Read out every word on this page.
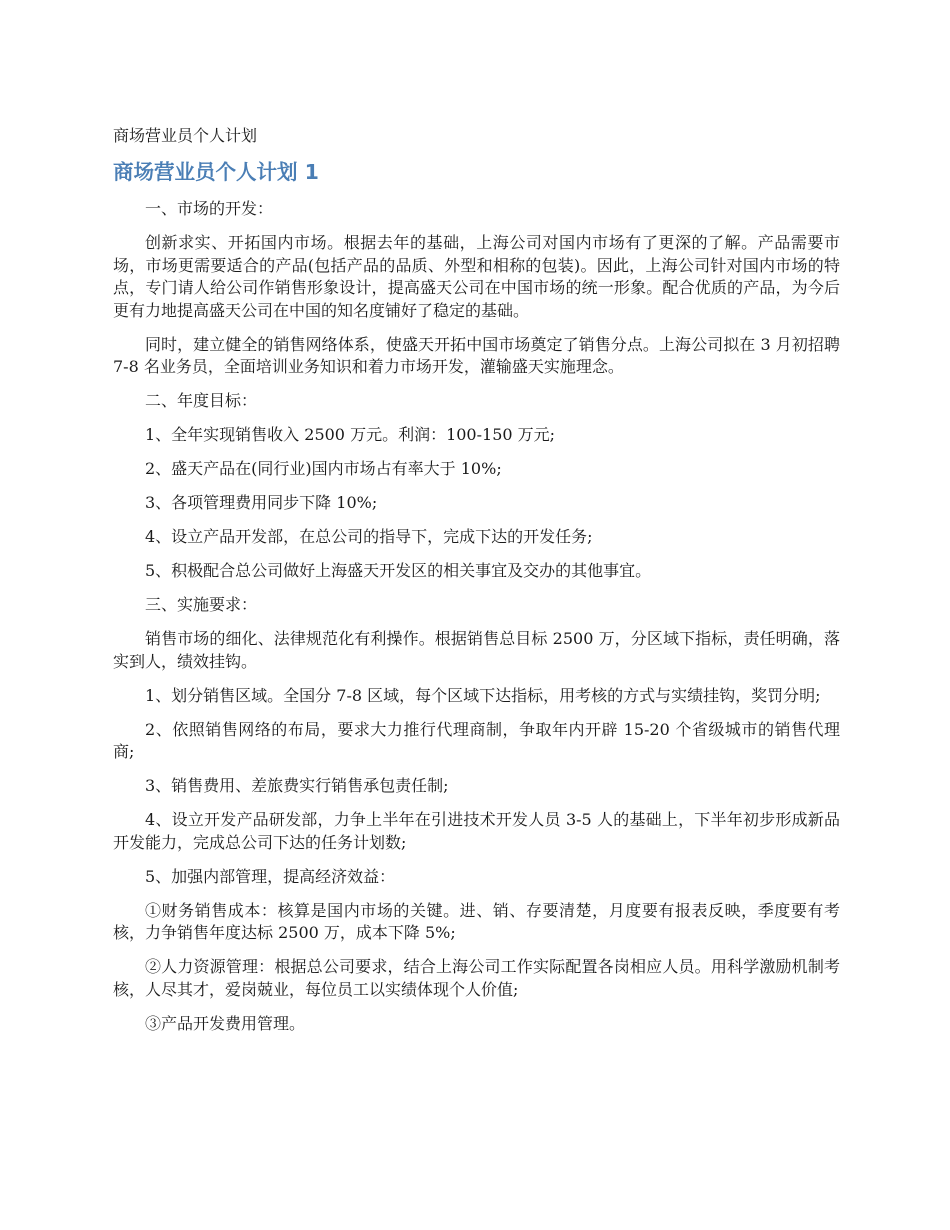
商场营业员个人计划
商场营业员个人计划 1

一、市场的开发：

创新求实、开拓国内市场。根据去年的基础，上海公司对国内市场有了更深的了解。产品需要市场，市场更需要适合的产品(包括产品的品质、外型和相称的包装)。因此，上海公司针对国内市场的特点，专门请人给公司作销售形象设计，提高盛天公司在中国市场的统一形象。配合优质的产品，为今后更有力地提高盛天公司在中国的知名度铺好了稳定的基础。

同时，建立健全的销售网络体系，使盛天开拓中国市场奠定了销售分点。上海公司拟在 3 月初招聘 7-8 名业务员，全面培训业务知识和着力市场开发，灌输盛天实施理念。

二、年度目标：

1、全年实现销售收入 2500 万元。利润：100-150 万元;

2、盛天产品在(同行业)国内市场占有率大于 10%;

3、各项管理费用同步下降 10%;

4、设立产品开发部，在总公司的指导下，完成下达的开发任务;

5、积极配合总公司做好上海盛天开发区的相关事宜及交办的其他事宜。

三、实施要求：

销售市场的细化、法律规范化有利操作。根据销售总目标 2500 万，分区域下指标，责任明确，落实到人，绩效挂钩。

1、划分销售区域。全国分 7-8 区域，每个区域下达指标，用考核的方式与实绩挂钩，奖罚分明;

2、依照销售网络的布局，要求大力推行代理商制，争取年内开辟 15-20 个省级城市的销售代理商;

3、销售费用、差旅费实行销售承包责任制;

4、设立开发产品研发部，力争上半年在引进技术开发人员 3-5 人的基础上，下半年初步形成新品开发能力，完成总公司下达的任务计划数;

5、加强内部管理，提高经济效益：

①财务销售成本：核算是国内市场的关键。进、销、存要清楚，月度要有报表反映，季度要有考核，力争销售年度达标 2500 万，成本下降 5%;

②人力资源管理：根据总公司要求，结合上海公司工作实际配置各岗相应人员。用科学激励机制考核，人尽其才，爱岗兢业，每位员工以实绩体现个人价值;

③产品开发费用管理。
